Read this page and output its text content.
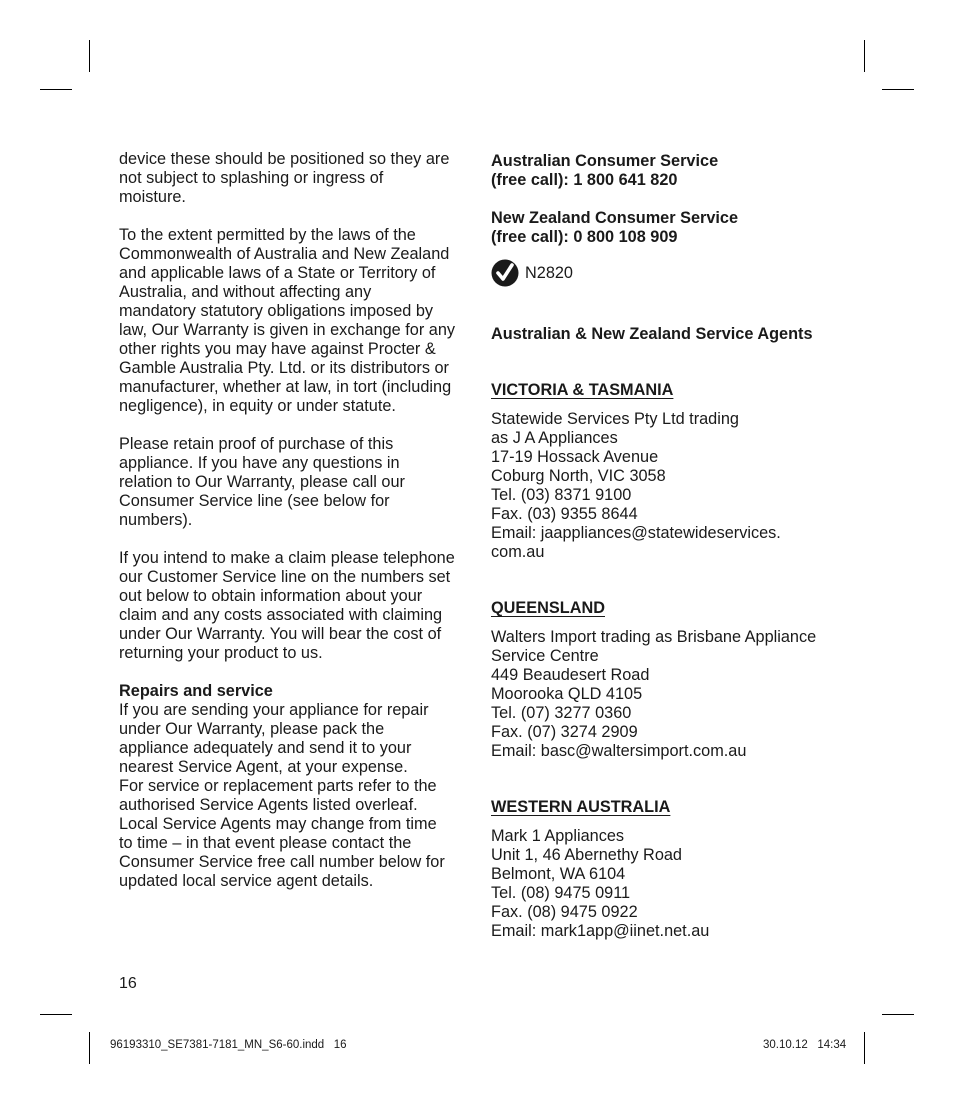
device these should be positioned so they are
not subject to splashing or ingress of
moisture.

To the extent permitted by the laws of the
Commonwealth of Australia and New Zealand
and applicable laws of a State or Territory of
Australia, and without affecting any
mandatory statutory obligations imposed by
law, Our Warranty is given in exchange for any
other rights you may have against Procter &
Gamble Australia Pty. Ltd. or its distributors or
manufacturer, whether at law, in tort (including
negligence), in equity or under statute.

Please retain proof of purchase of this
appliance. If you have any questions in
relation to Our Warranty, please call our
Consumer Service line (see below for
numbers).

If you intend to make a claim please telephone
our Customer Service line on the numbers set
out below to obtain information about your
claim and any costs associated with claiming
under Our Warranty. You will bear the cost of
returning your product to us.

Repairs and service

If you are sending your appliance for repair
under Our Warranty, please pack the
appliance adequately and send it to your
nearest Service Agent, at your expense.
For service or replacement parts refer to the
authorised Service Agents listed overleaf.
Local Service Agents may change from time
to time – in that event please contact the
Consumer Service free call number below for
updated local service agent details.

Australian Consumer Service
(free call): 1 800 641 820

New Zealand Consumer Service
(free call): 0 800 108 909

N2820

Australian & New Zealand Service Agents

VICTORIA & TASMANIA

Statewide Services Pty Ltd trading
as J A Appliances
17-19 Hossack Avenue
Coburg North, VIC 3058
Tel. (03) 8371 9100
Fax. (03) 9355 8644
Email: jaappliances@statewideservices.
com.au

QUEENSLAND

Walters Import trading as Brisbane Appliance
Service Centre
449 Beaudesert Road
Moorooka QLD 4105
Tel. (07) 3277 0360
Fax. (07) 3274 2909
Email: basc@waltersimport.com.au

WESTERN AUSTRALIA

Mark 1 Appliances
Unit 1, 46 Abernethy Road
Belmont, WA 6104
Tel. (08) 9475 0911
Fax. (08) 9475 0922
Email: mark1app@iinet.net.au

16
96193310_SE7381-7181_MN_S6-60.indd   16	30.10.12   14:34
